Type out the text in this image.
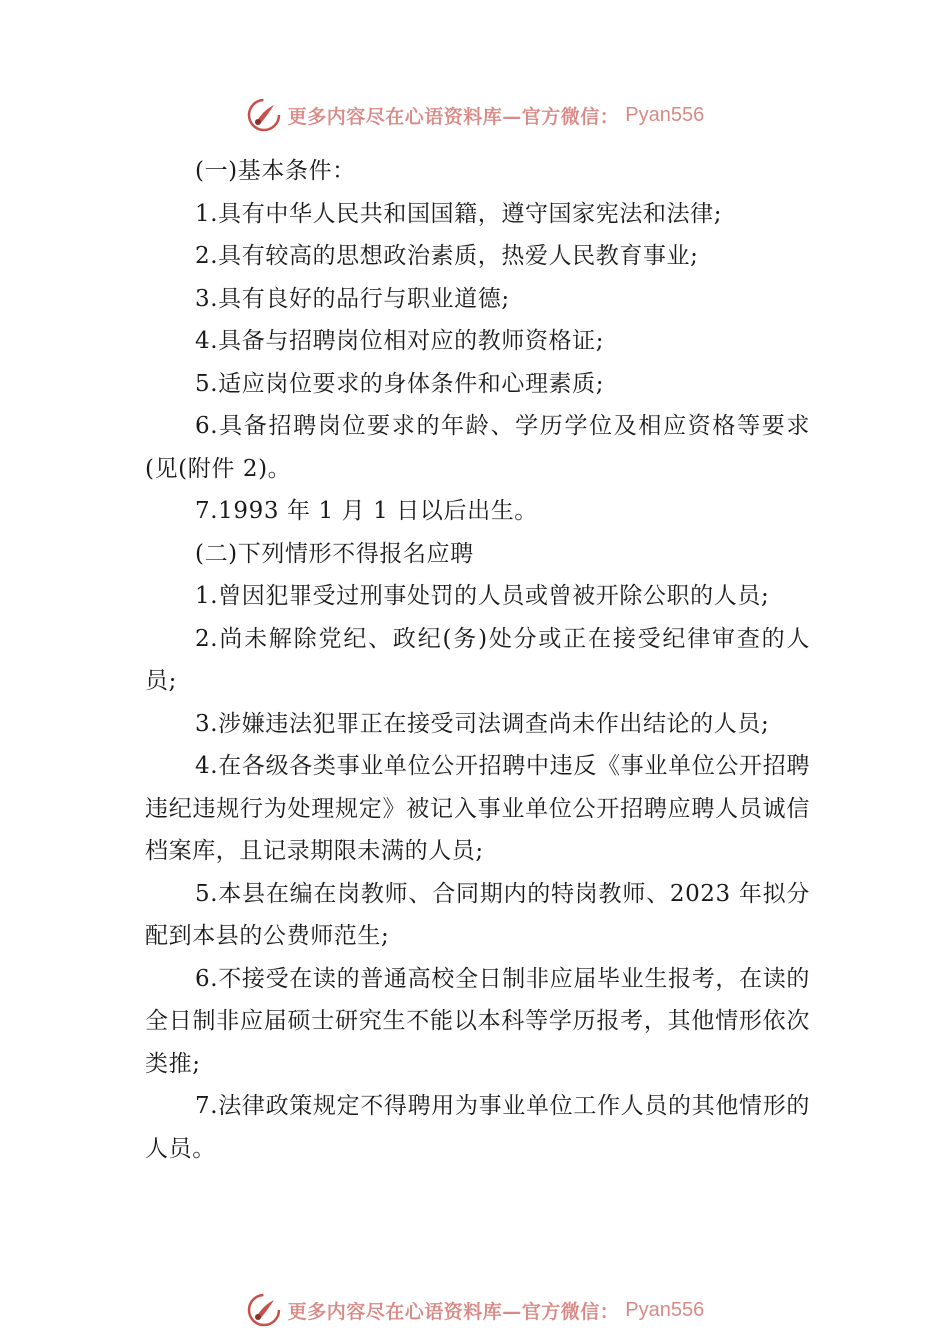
更多内容尽在心语资料库—官方微信： Pyan556

(一)基本条件：

1.具有中华人民共和国国籍，遵守国家宪法和法律;

2.具有较高的思想政治素质，热爱人民教育事业;

3.具有良好的品行与职业道德;

4.具备与招聘岗位相对应的教师资格证;

5.适应岗位要求的身体条件和心理素质;

6.具备招聘岗位要求的年龄、学历学位及相应资格等要求(见(附件 2)。

7.1993 年 1 月 1 日以后出生。

(二)下列情形不得报名应聘

1.曾因犯罪受过刑事处罚的人员或曾被开除公职的人员;

2.尚未解除党纪、政纪(务)处分或正在接受纪律审查的人员;

3.涉嫌违法犯罪正在接受司法调查尚未作出结论的人员;

4.在各级各类事业单位公开招聘中违反《事业单位公开招聘违纪违规行为处理规定》被记入事业单位公开招聘应聘人员诚信档案库，且记录期限未满的人员;

5.本县在编在岗教师、合同期内的特岗教师、2023 年拟分配到本县的公费师范生;

6.不接受在读的普通高校全日制非应届毕业生报考，在读的全日制非应届硕士研究生不能以本科等学历报考，其他情形依次类推;

7.法律政策规定不得聘用为事业单位工作人员的其他情形的人员。

更多内容尽在心语资料库—官方微信： Pyan556
